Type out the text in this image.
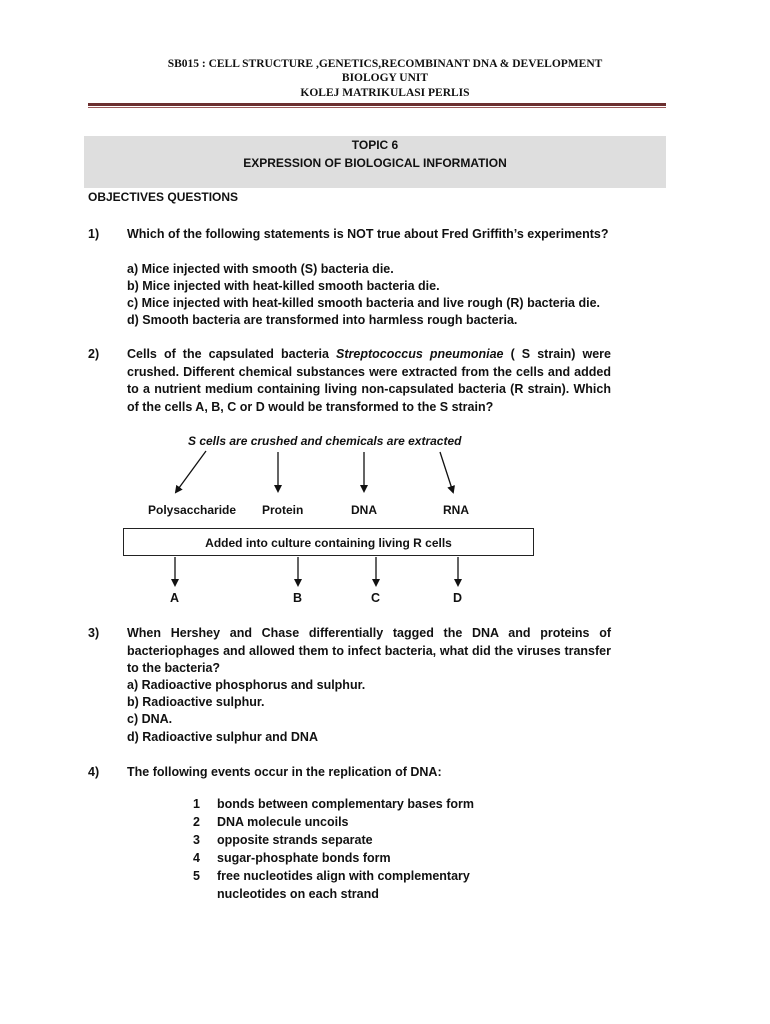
SB015 : CELL STRUCTURE ,GENETICS,RECOMBINANT DNA & DEVELOPMENT
BIOLOGY UNIT
KOLEJ MATRIKULASI PERLIS
TOPIC 6
EXPRESSION OF BIOLOGICAL INFORMATION
OBJECTIVES QUESTIONS
1) Which of the following statements is NOT true about Fred Griffith’s experiments?
a) Mice injected with smooth (S) bacteria die.
b) Mice injected with heat-killed smooth bacteria die.
c) Mice injected with heat-killed smooth bacteria and live rough (R) bacteria die.
d) Smooth bacteria are transformed into harmless rough bacteria.
2) Cells of the capsulated bacteria Streptococcus pneumoniae ( S strain) were crushed. Different chemical substances were extracted from the cells and added to a nutrient medium containing living non-capsulated bacteria (R strain). Which of the cells A, B, C or D would be transformed to the S strain?
S cells are crushed and chemicals are extracted
Polysaccharide Protein	DNA	RNA
Added into culture containing living R cells
A	B	C	D
3) When Hershey and Chase differentially tagged the DNA and proteins of bacteriophages and allowed them to infect bacteria, what did the viruses transfer to the bacteria?
a) Radioactive phosphorus and sulphur.
b) Radioactive sulphur.
c) DNA.
d) Radioactive sulphur and DNA
4) The following events occur in the replication of DNA:
1 bonds between complementary bases form
2 DNA molecule uncoils
3 opposite strands separate
4 sugar-phosphate bonds form
5 free nucleotides align with complementary
nucleotides on each strand
